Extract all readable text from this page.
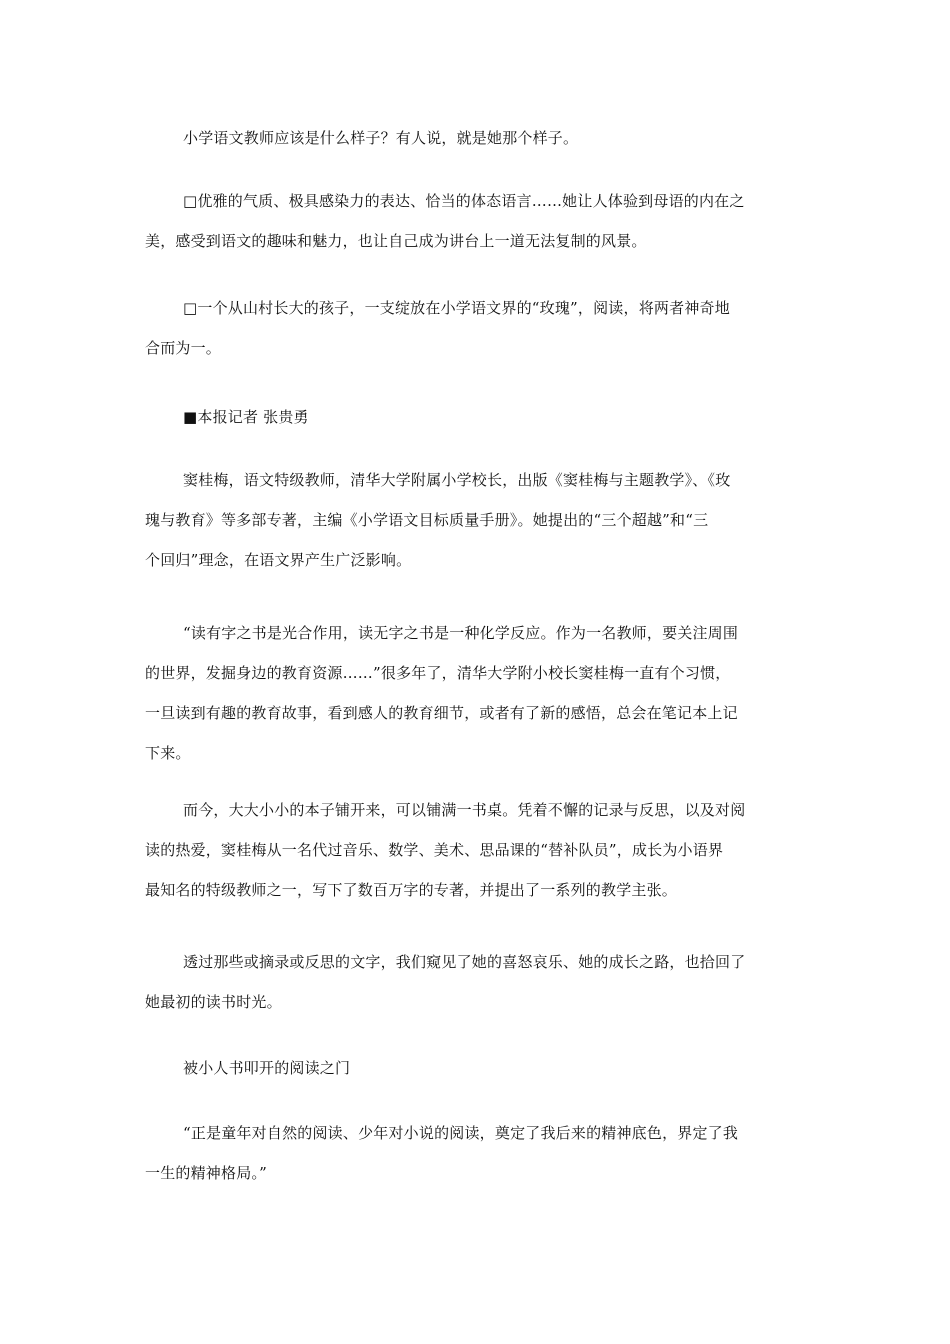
小学语文教师应该是什么样子？有人说，就是她那个样子。

□优雅的气质、极具感染力的表达、恰当的体态语言……她让人体验到母语的内在之
美，感受到语文的趣味和魅力，也让自己成为讲台上一道无法复制的风景。

□一个从山村长大的孩子，一支绽放在小学语文界的“玫瑰”，阅读，将两者神奇地
合而为一。

■本报记者 张贵勇

窦桂梅，语文特级教师，清华大学附属小学校长，出版《窦桂梅与主题教学》、《玫
瑰与教育》等多部专著，主编《小学语文目标质量手册》。她提出的“三个超越”和“三
个回归”理念，在语文界产生广泛影响。

“读有字之书是光合作用，读无字之书是一种化学反应。作为一名教师，要关注周围
的世界，发掘身边的教育资源……”很多年了，清华大学附小校长窦桂梅一直有个习惯，
一旦读到有趣的教育故事，看到感人的教育细节，或者有了新的感悟，总会在笔记本上记
下来。

而今，大大小小的本子铺开来，可以铺满一书桌。凭着不懈的记录与反思，以及对阅
读的热爱，窦桂梅从一名代过音乐、数学、美术、思品课的“替补队员”，成长为小语界
最知名的特级教师之一，写下了数百万字的专著，并提出了一系列的教学主张。

透过那些或摘录或反思的文字，我们窥见了她的喜怒哀乐、她的成长之路，也拾回了
她最初的读书时光。

被小人书叩开的阅读之门

“正是童年对自然的阅读、少年对小说的阅读，奠定了我后来的精神底色，界定了我
一生的精神格局。”
